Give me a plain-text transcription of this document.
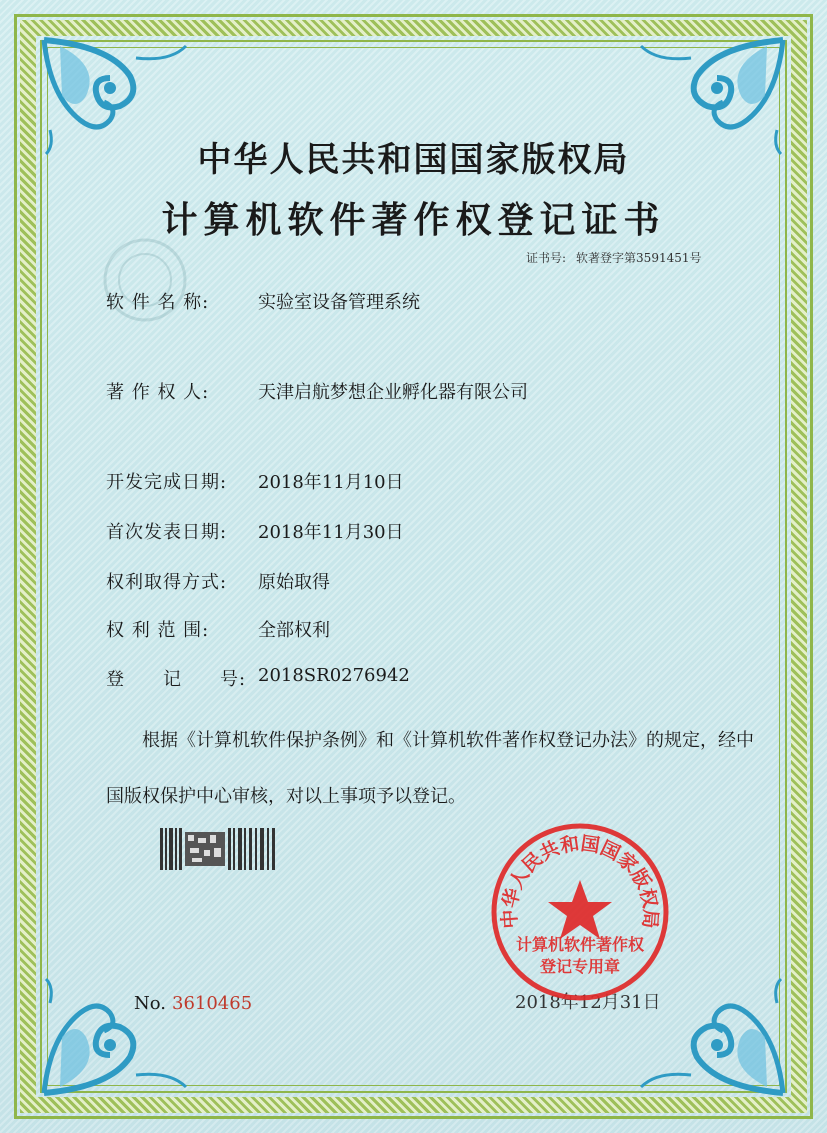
中华人民共和国国家版权局
计算机软件著作权登记证书
证书号: 软著登字第3591451号
软 件 名 称:	实验室设备管理系统
著 作 权 人:	天津启航梦想企业孵化器有限公司
开发完成日期:	2018年11月10日
首次发表日期:	2018年11月30日
权利取得方式:	原始取得
权 利 范 围:	全部权利
登　　记　　号: 2018SR0276942
根据《计算机软件保护条例》和《计算机软件著作权登记办法》的规定，经中国版权保护中心审核，对以上事项予以登记。
No. 3610465	2018年12月31日
中华人民共和国国家版权局
计算机软件著作权
登记专用章
